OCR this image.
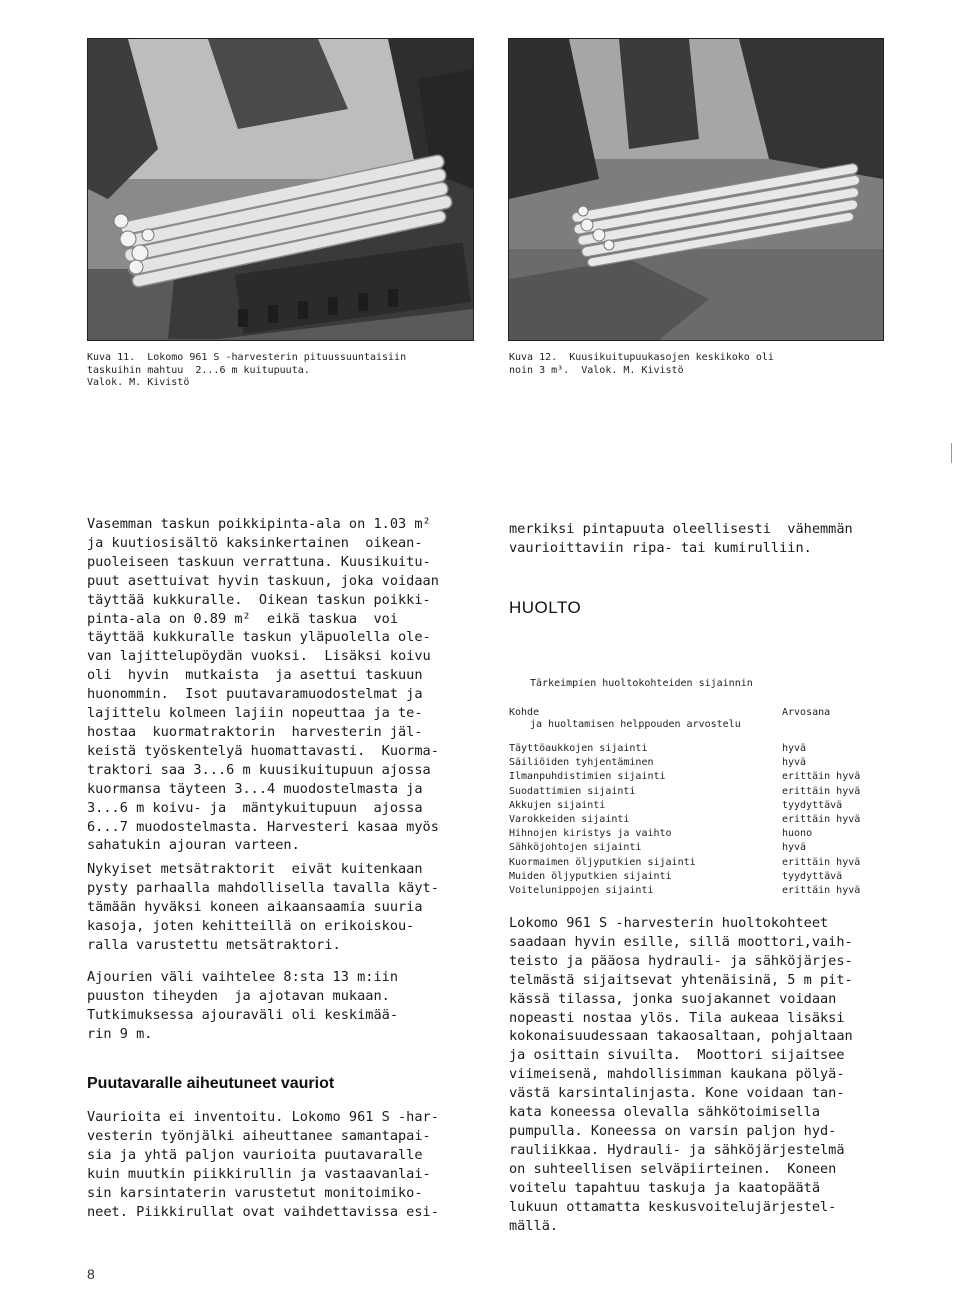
Kuva 11.  Lokomo 961 S -harvesterin pituussuuntaisiin
taskuihin mahtuu  2...6 m kuitupuuta.
Valok. M. Kivistö
Kuva 12.  Kuusikuitupuukasojen keskikoko oli
noin 3 m³.  Valok. M. Kivistö
Vasemman taskun poikkipinta-ala on 1.03 m²
ja kuutiosisältö kaksinkertainen  oikean-
puoleiseen taskuun verrattuna. Kuusikuitu-
puut asettuivat hyvin taskuun, joka voidaan
täyttää kukkuralle.  Oikean taskun poikki-
pinta-ala on 0.89 m²  eikä taskua  voi
täyttää kukkuralle taskun yläpuolella ole-
van lajittelupöydän vuoksi.  Lisäksi koivu
oli  hyvin  mutkaista  ja asettui taskuun
huonommin.  Isot puutavaramuodostelmat ja
lajittelu kolmeen lajiin nopeuttaa ja te-
hostaa  kuormatraktorin  harvesterin jäl-
keistä työskentelyä huomattavasti.  Kuorma-
traktori saa 3...6 m kuusikuitupuun ajossa
kuormansa täyteen 3...4 muodostelmasta ja
3...6 m koivu- ja  mäntykuitupuun  ajossa
6...7 muodostelmasta. Harvesteri kasaa myös
sahatukin ajouran varteen.
Nykyiset metsätraktorit  eivät kuitenkaan
pysty parhaalla mahdollisella tavalla käyt-
tämään hyväksi koneen aikaansaamia suuria
kasoja, joten kehitteillä on erikoiskou-
ralla varustettu metsätraktori.
Ajourien väli vaihtelee 8:sta 13 m:iin
puuston tiheyden  ja ajotavan mukaan.
Tutkimuksessa ajouraväli oli keskimää-
rin 9 m.
Puutavaralle aiheutuneet vauriot
Vaurioita ei inventoitu. Lokomo 961 S -har-
vesterin työnjälki aiheuttanee samantapai-
sia ja yhtä paljon vaurioita puutavaralle
kuin muutkin piikkirullin ja vastaavanlai-
sin karsintaterin varustetut monitoimiko-
neet. Piikkirullat ovat vaihdettavissa esi-
merkiksi pintapuuta oleellisesti  vähemmän
vaurioittaviin ripa- tai kumirulliin.
HUOLTO

Tärkeimpien huoltokohteiden sijainnin

ja huoltamisen helppouden arvostelu

Kohde	Arvosana
Täyttöaukkojen sijainti	hyvä
Säiliöiden tyhjentäminen	hyvä
Ilmanpuhdistimien sijainti	erittäin hyvä
Suodattimien sijainti	erittäin hyvä
Akkujen sijainti	tyydyttävä
Varokkeiden sijainti	erittäin hyvä
Hihnojen kiristys ja vaihto	huono
Sähköjohtojen sijainti	hyvä
Kuormaimen öljyputkien sijainti	erittäin hyvä
Muiden öljyputkien sijainti	tyydyttävä
Voitelunippojen sijainti	erittäin hyvä
Lokomo 961 S -harvesterin huoltokohteet
saadaan hyvin esille, sillä moottori,vaih-
teisto ja pääosa hydrauli- ja sähköjärjes-
telmästä sijaitsevat yhtenäisinä, 5 m pit-
kässä tilassa, jonka suojakannet voidaan
nopeasti nostaa ylös. Tila aukeaa lisäksi
kokonaisuudessaan takaosaltaan, pohjaltaan
ja osittain sivuilta.  Moottori sijaitsee
viimeisenä, mahdollisimman kaukana pölyä-
västä karsintalinjasta. Kone voidaan tan-
kata koneessa olevalla sähkötoimisella
pumpulla. Koneessa on varsin paljon hyd-
rauliikkaa. Hydrauli- ja sähköjärjestelmä
on suhteellisen selväpiirteinen.  Koneen
voitelu tapahtuu taskuja ja kaatopäätä
lukuun ottamatta keskusvoitelujärjestel-
mällä.
8
